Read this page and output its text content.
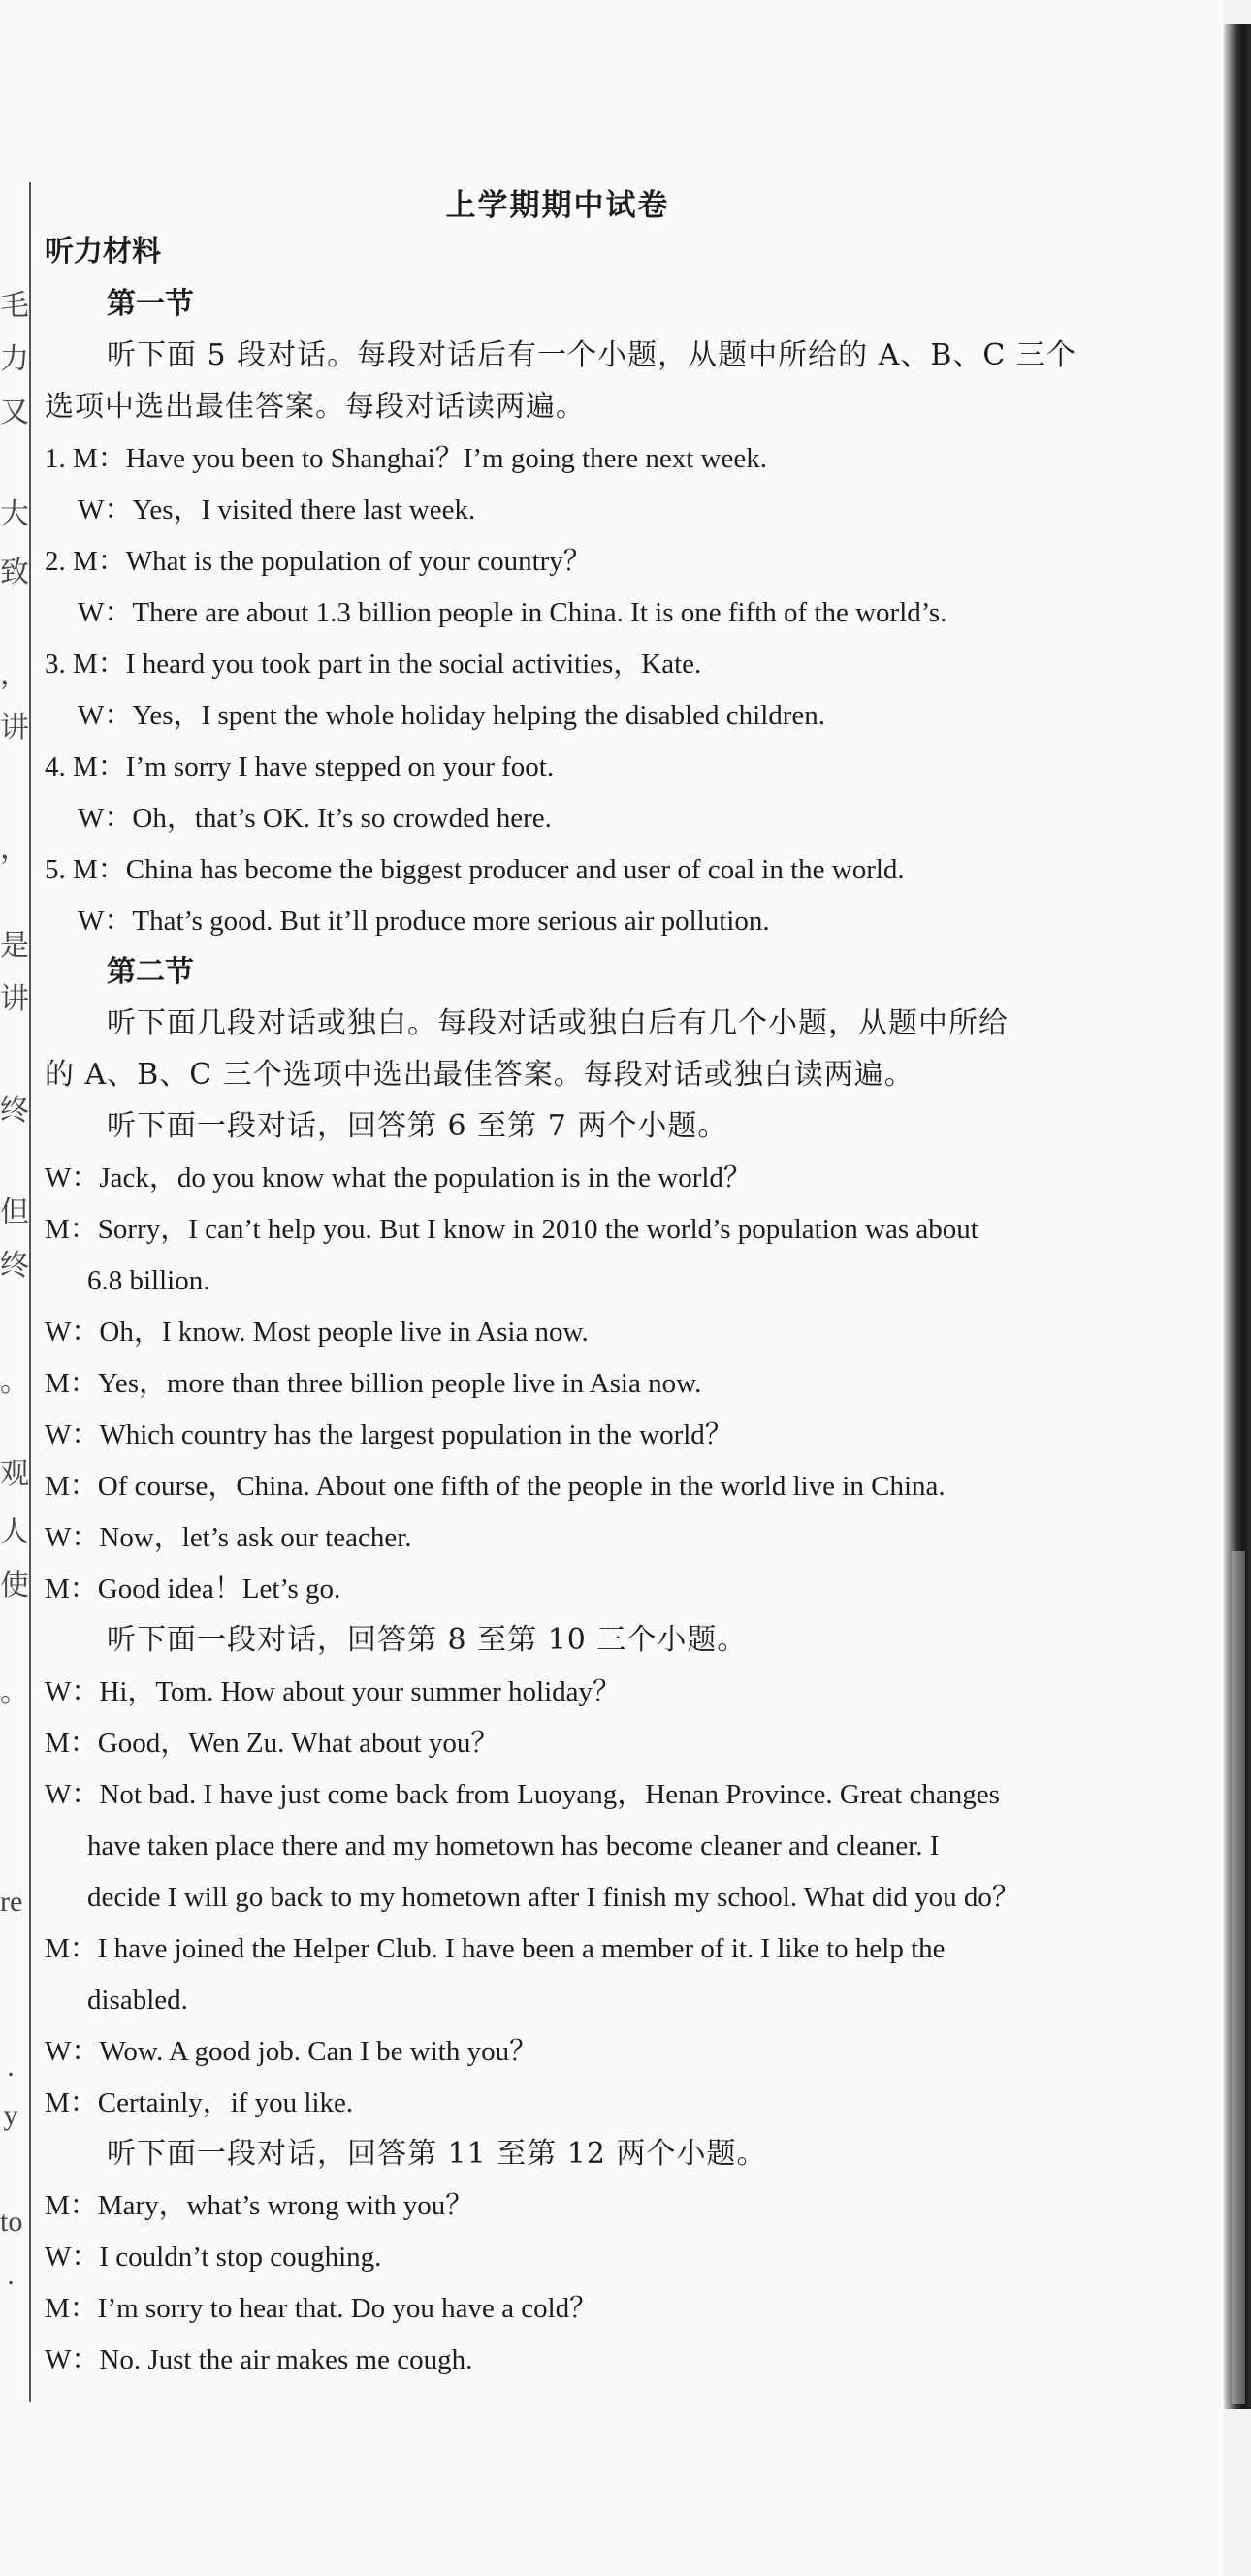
毛
力
又
大
致
，
讲
，
是
讲
终
但
终
。
观
人
使
。
re
.
y
to
.
上学期期中试卷
听力材料
第一节
听下面 5 段对话。每段对话后有一个小题，从题中所给的 A、B、C 三个
选项中选出最佳答案。每段对话读两遍。
1. M：Have you been to Shanghai？I’m going there next week.
W：Yes，I visited there last week.
2. M：What is the population of your country？
W：There are about 1.3 billion people in China. It is one fifth of the world’s.
3. M：I heard you took part in the social activities，Kate.
W：Yes，I spent the whole holiday helping the disabled children.
4. M：I’m sorry I have stepped on your foot.
W：Oh，that’s OK. It’s so crowded here.
5. M：China has become the biggest producer and user of coal in the world.
W：That’s good. But it’ll produce more serious air pollution.
第二节
听下面几段对话或独白。每段对话或独白后有几个小题，从题中所给
的 A、B、C 三个选项中选出最佳答案。每段对话或独白读两遍。
听下面一段对话，回答第 6 至第 7 两个小题。
W：Jack，do you know what the population is in the world？
M：Sorry，I can’t help you. But I know in 2010 the world’s population was about
6.8 billion.
W：Oh，I know. Most people live in Asia now.
M：Yes，more than three billion people live in Asia now.
W：Which country has the largest population in the world？
M：Of course，China. About one fifth of the people in the world live in China.
W：Now，let’s ask our teacher.
M：Good idea！Let’s go.
听下面一段对话，回答第 8 至第 10 三个小题。
W：Hi，Tom. How about your summer holiday？
M：Good，Wen Zu. What about you？
W：Not bad. I have just come back from Luoyang，Henan Province. Great changes
have taken place there and my hometown has become cleaner and cleaner. I
decide I will go back to my hometown after I finish my school. What did you do？
M：I have joined the Helper Club. I have been a member of it. I like to help the
disabled.
W：Wow. A good job. Can I be with you？
M：Certainly，if you like.
听下面一段对话，回答第 11 至第 12 两个小题。
M：Mary，what’s wrong with you？
W：I couldn’t stop coughing.
M：I’m sorry to hear that. Do you have a cold？
W：No. Just the air makes me cough.
